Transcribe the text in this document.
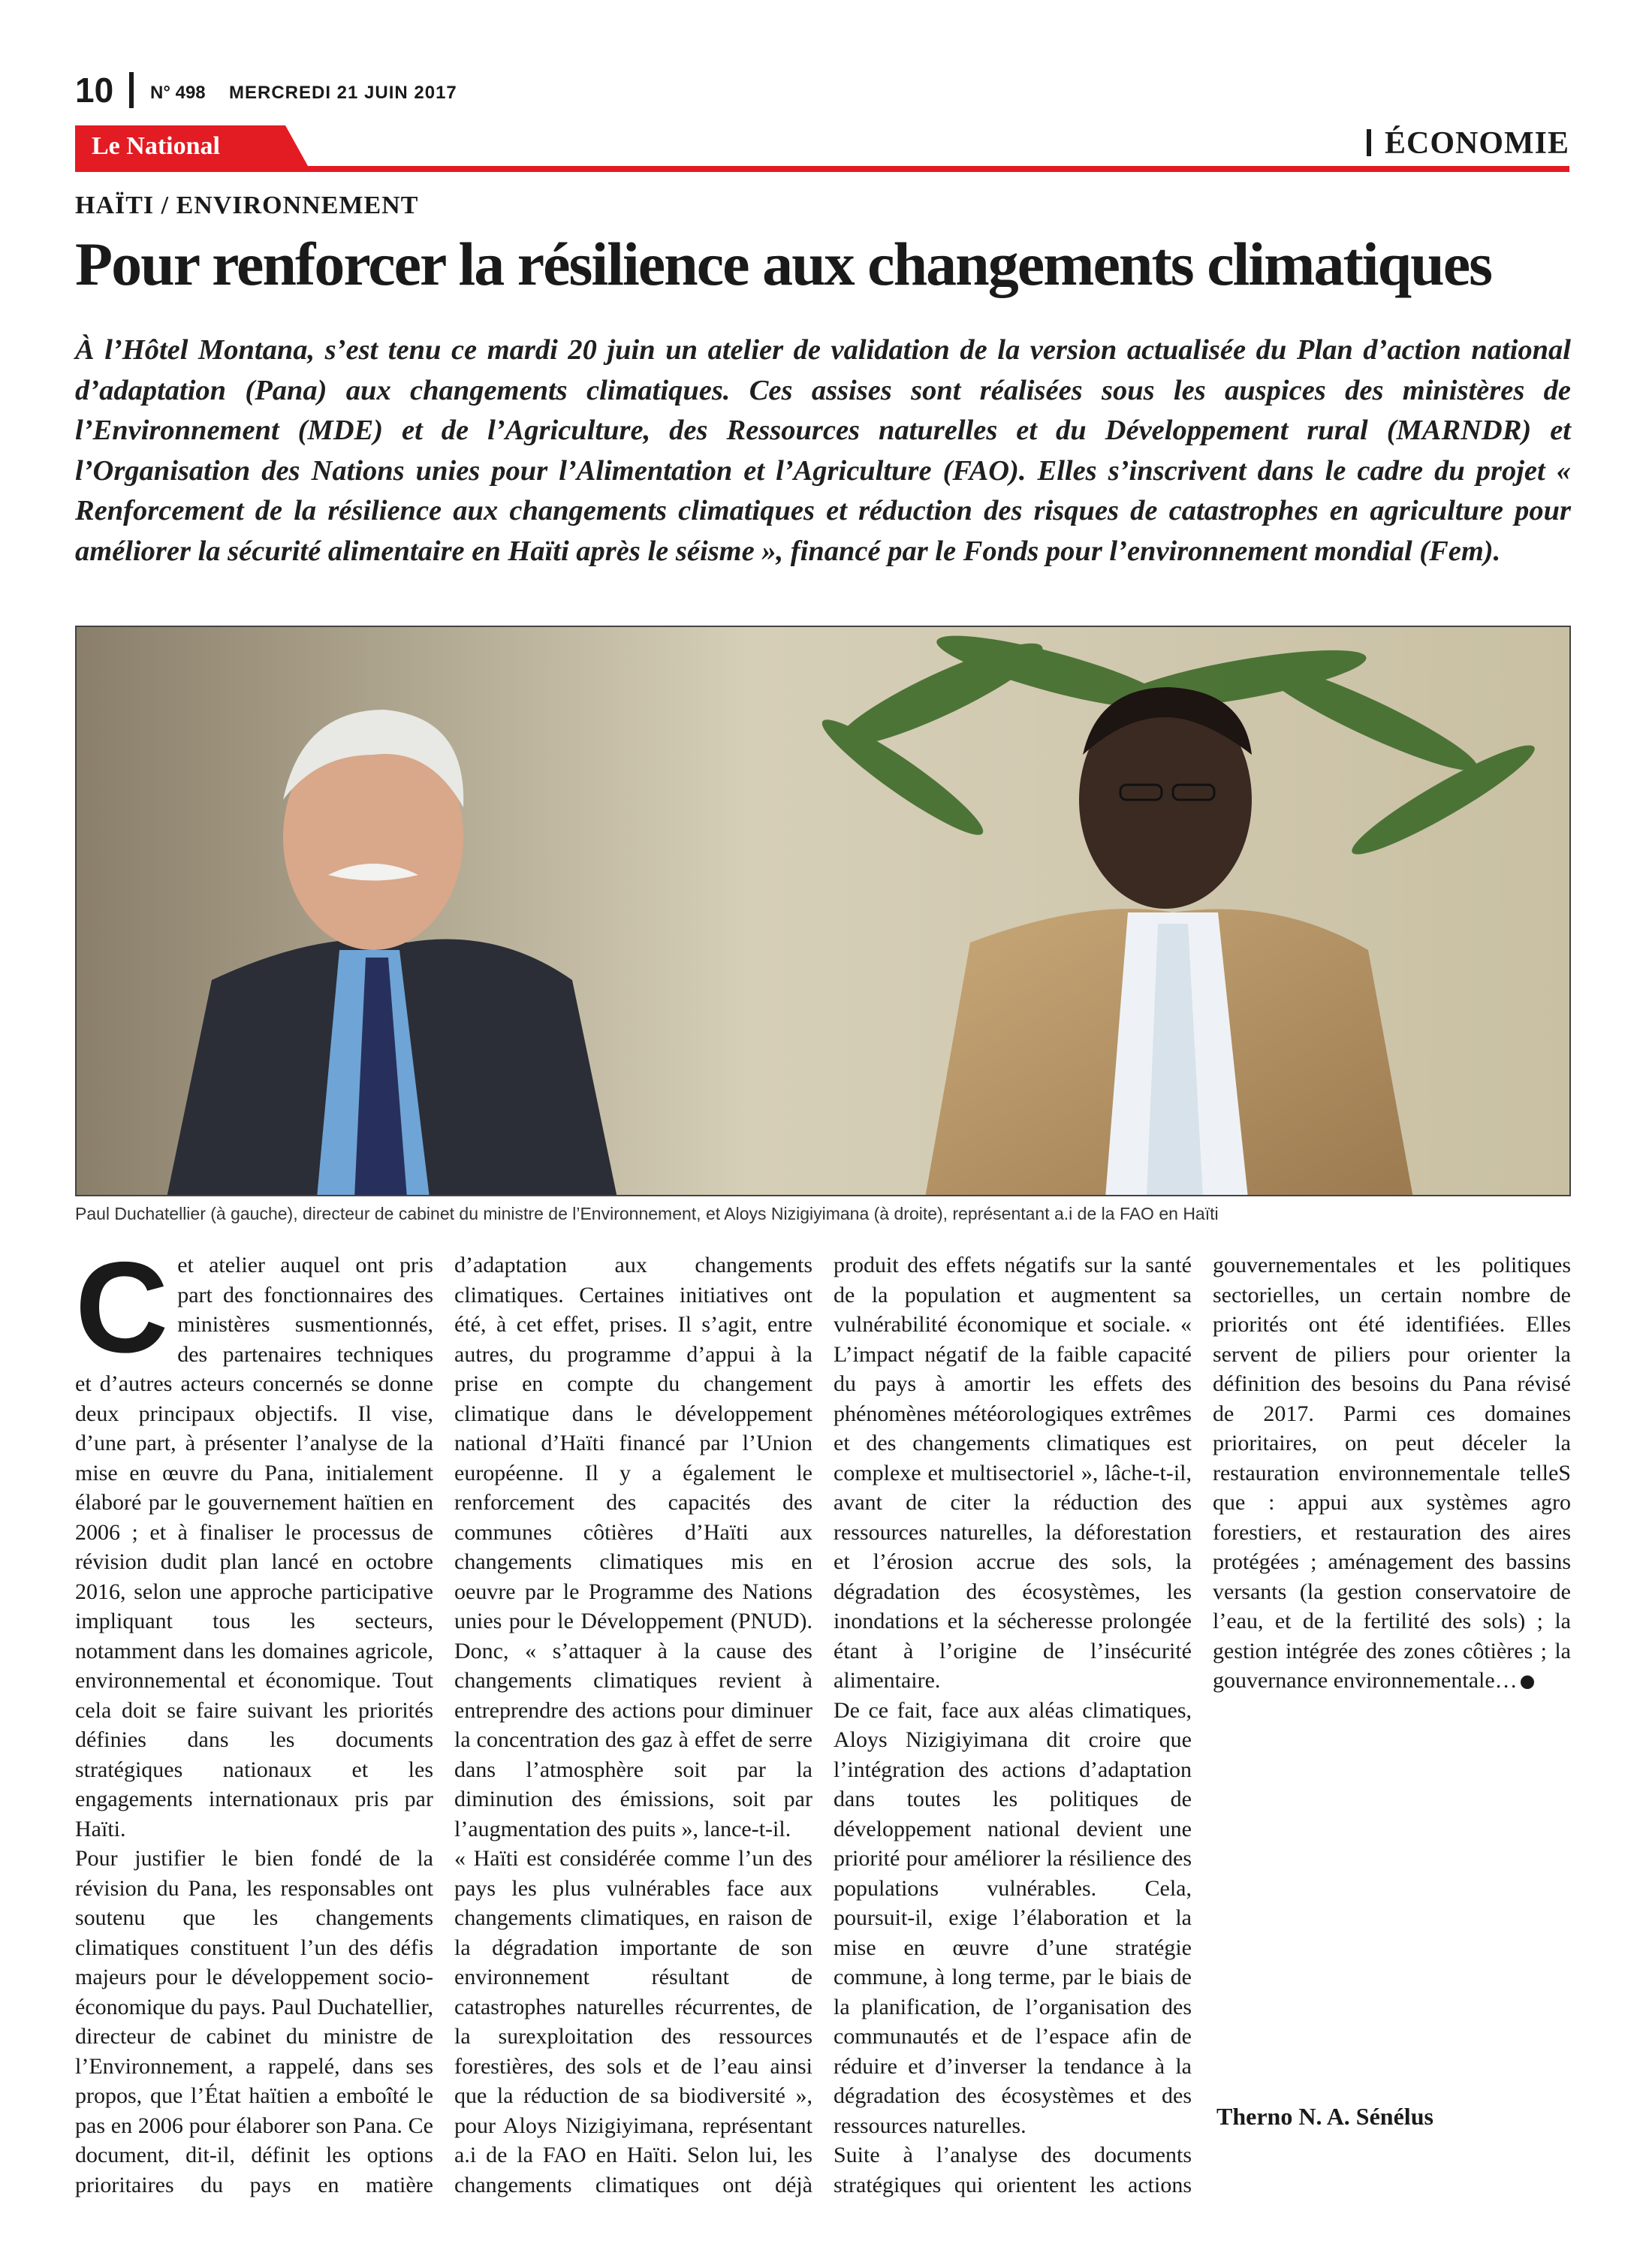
10 N° 498 MERCREDI 21 JUIN 2017
Le National	ÉCONOMIE
HAÏTI / ENVIRONNEMENT
Pour renforcer la résilience aux changements climatiques
À l’Hôtel Montana, s’est tenu ce mardi 20 juin un atelier de validation de la version actualisée du Plan d’action national d’adaptation (Pana) aux changements climatiques. Ces assises sont réalisées sous les auspices des ministères de l’Environnement (MDE) et de l’Agriculture, des Ressources naturelles et du Développement rural (MARNDR) et l’Organisation des Nations unies pour l’Alimentation et l’Agriculture (FAO). Elles s’inscrivent dans le cadre du projet « Renforcement de la résilience aux changements climatiques et réduction des risques de catastrophes en agriculture pour améliorer la sécurité alimentaire en Haïti après le séisme », financé par le Fonds pour l’environnement mondial (Fem).
Paul Duchatellier (à gauche), directeur de cabinet du ministre de l’Environnement, et Aloys Nizigiyimana (à droite), représentant a.i de la FAO en Haïti

Cet atelier auquel ont pris part des fonctionnaires des ministères susmentionnés, des partenaires techniques et d’autres acteurs concernés se donne deux principaux objectifs. Il vise, d’une part, à présenter l’analyse de la mise en œuvre du Pana, initialement élaboré par le gouvernement haïtien en 2006 ; et à finaliser le processus de révision dudit plan lancé en octobre 2016, selon une approche participative impliquant tous les secteurs, notamment dans les domaines agricole, environnemental et économique. Tout cela doit se faire suivant les priorités définies dans les documents stratégiques nationaux et les engagements internationaux pris par Haïti.

Pour justifier le bien fondé de la révision du Pana, les responsables ont soutenu que les changements climatiques constituent l’un des défis majeurs pour le développement socio-économique du pays. Paul Duchatellier, directeur de cabinet du ministre de l’Environnement, a rappelé, dans ses propos, que l’État haïtien a emboîté le pas en 2006 pour élaborer son Pana. Ce document, dit-il, définit les options prioritaires du pays en matière d’adaptation aux changements climatiques. Certaines initiatives ont été, à cet effet, prises. Il s’agit, entre autres, du programme d’appui à la prise en compte du changement climatique dans le développement national d’Haïti financé par l’Union européenne. Il y a également le renforcement des capacités des communes côtières d’Haïti aux changements climatiques mis en oeuvre par le Programme des Nations unies pour le Développement (PNUD). Donc, « s’attaquer à la cause des changements climatiques revient à entreprendre des actions pour diminuer la concentration des gaz à effet de serre dans l’atmosphère soit par la diminution des émissions, soit par l’augmentation des puits », lance-t-il.

« Haïti est considérée comme l’un des pays les plus vulnérables face aux changements climatiques, en raison de la dégradation importante de son environnement résultant de catastrophes naturelles récurrentes, de la surexploitation des ressources forestières, des sols et de l’eau ainsi que la réduction de sa biodiversité », pour Aloys Nizigiyimana, représentant a.i de la FAO en Haïti. Selon lui, les changements climatiques ont déjà produit des effets négatifs sur la santé de la population et augmentent sa vulnérabilité économique et sociale. « L’impact négatif de la faible capacité du pays à amortir les effets des phénomènes météorologiques extrêmes et des changements climatiques est complexe et multisectoriel », lâche-t-il, avant de citer la réduction des ressources naturelles, la déforestation et l’érosion accrue des sols, la dégradation des écosystèmes, les inondations et la sécheresse prolongée étant à l’origine de l’insécurité alimentaire.

De ce fait, face aux aléas climatiques, Aloys Nizigiyimana dit croire que l’intégration des actions d’adaptation dans toutes les politiques de développement national devient une priorité pour améliorer la résilience des populations vulnérables. Cela, poursuit-il, exige l’élaboration et la mise en œuvre d’une stratégie commune, à long terme, par le biais de la planification, de l’organisation des communautés et de l’espace afin de réduire et d’inverser la tendance à la dégradation des écosystèmes et des ressources naturelles.

Suite à l’analyse des documents stratégiques qui orientent les actions gouvernementales et les politiques sectorielles, un certain nombre de priorités ont été identifiées. Elles servent de piliers pour orienter la définition des besoins du Pana révisé de 2017. Parmi ces domaines prioritaires, on peut déceler la restauration environnementale telleS que : appui aux systèmes agro forestiers, et restauration des aires protégées ; aménagement des bassins versants (la gestion conservatoire de l’eau, et de la fertilité des sols) ; la gestion intégrée des zones côtières ; la gouvernance environnementale…

Therno N. A. Sénélus
